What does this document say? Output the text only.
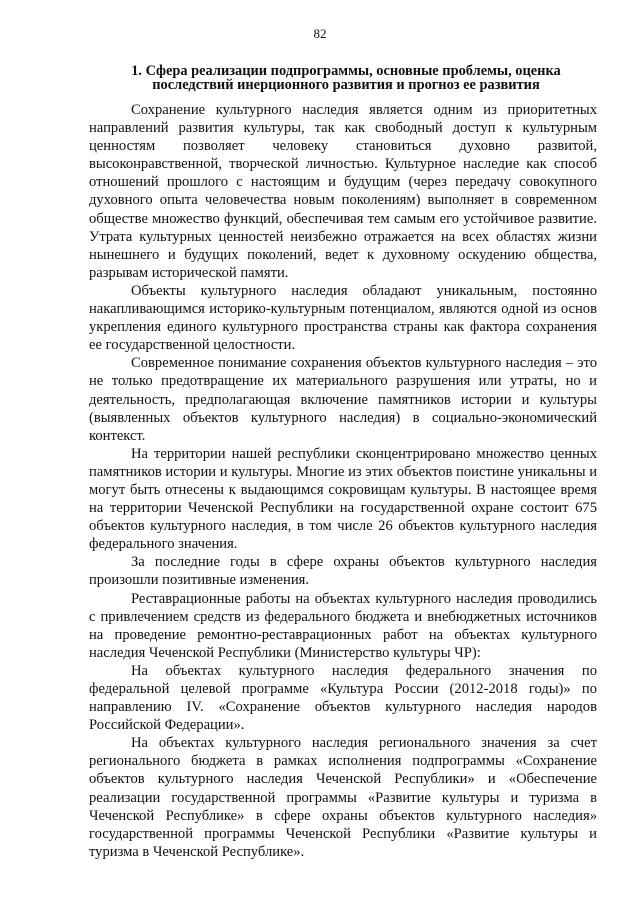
82
1. Сфера реализации подпрограммы, основные проблемы, оценка
последствий инерционного развития и прогноз ее развития

Сохранение культурного наследия является одним из приоритетных направлений развития культуры, так как свободный доступ к культурным ценностям позволяет человеку становиться духовно развитой, высоконравственной, творческой личностью. Культурное наследие как способ отношений прошлого с настоящим и будущим (через передачу совокупного духовного опыта человечества новым поколениям) выполняет в современном обществе множество функций, обеспечивая тем самым его устойчивое развитие. Утрата культурных ценностей неизбежно отражается на всех областях жизни нынешнего и будущих поколений, ведет к духовному оскудению общества, разрывам исторической памяти.

Объекты культурного наследия обладают уникальным, постоянно накапливающимся историко-культурным потенциалом, являются одной из основ укрепления единого культурного пространства страны как фактора сохранения ее государственной целостности.

Современное понимание сохранения объектов культурного наследия – это не только предотвращение их материального разрушения или утраты, но и деятельность, предполагающая включение памятников истории и культуры (выявленных объектов культурного наследия) в социально-экономический контекст.

На территории нашей республики сконцентрировано множество ценных памятников истории и культуры. Многие из этих объектов поистине уникальны и могут быть отнесены к выдающимся сокровищам культуры. В настоящее время на территории Чеченской Республики на государственной охране состоит 675 объектов культурного наследия, в том числе 26 объектов культурного наследия федерального значения.

За последние годы в сфере охраны объектов культурного наследия произошли позитивные изменения.

Реставрационные работы на объектах культурного наследия проводились с привлечением средств из федерального бюджета и внебюджетных источников на проведение ремонтно-реставрационных работ на объектах культурного наследия Чеченской Республики (Министерство культуры ЧР):

На объектах культурного наследия федерального значения по федеральной целевой программе «Культура России (2012-2018 годы)» по направлению IV. «Сохранение объектов культурного наследия народов Российской Федерации».

На объектах культурного наследия регионального значения за счет регионального бюджета в рамках исполнения подпрограммы «Сохранение объектов культурного наследия Чеченской Республики» и «Обеспечение реализации государственной программы «Развитие культуры и туризма в Чеченской Республике» в сфере охраны объектов культурного наследия» государственной программы Чеченской Республики «Развитие культуры и туризма в Чеченской Республике».
